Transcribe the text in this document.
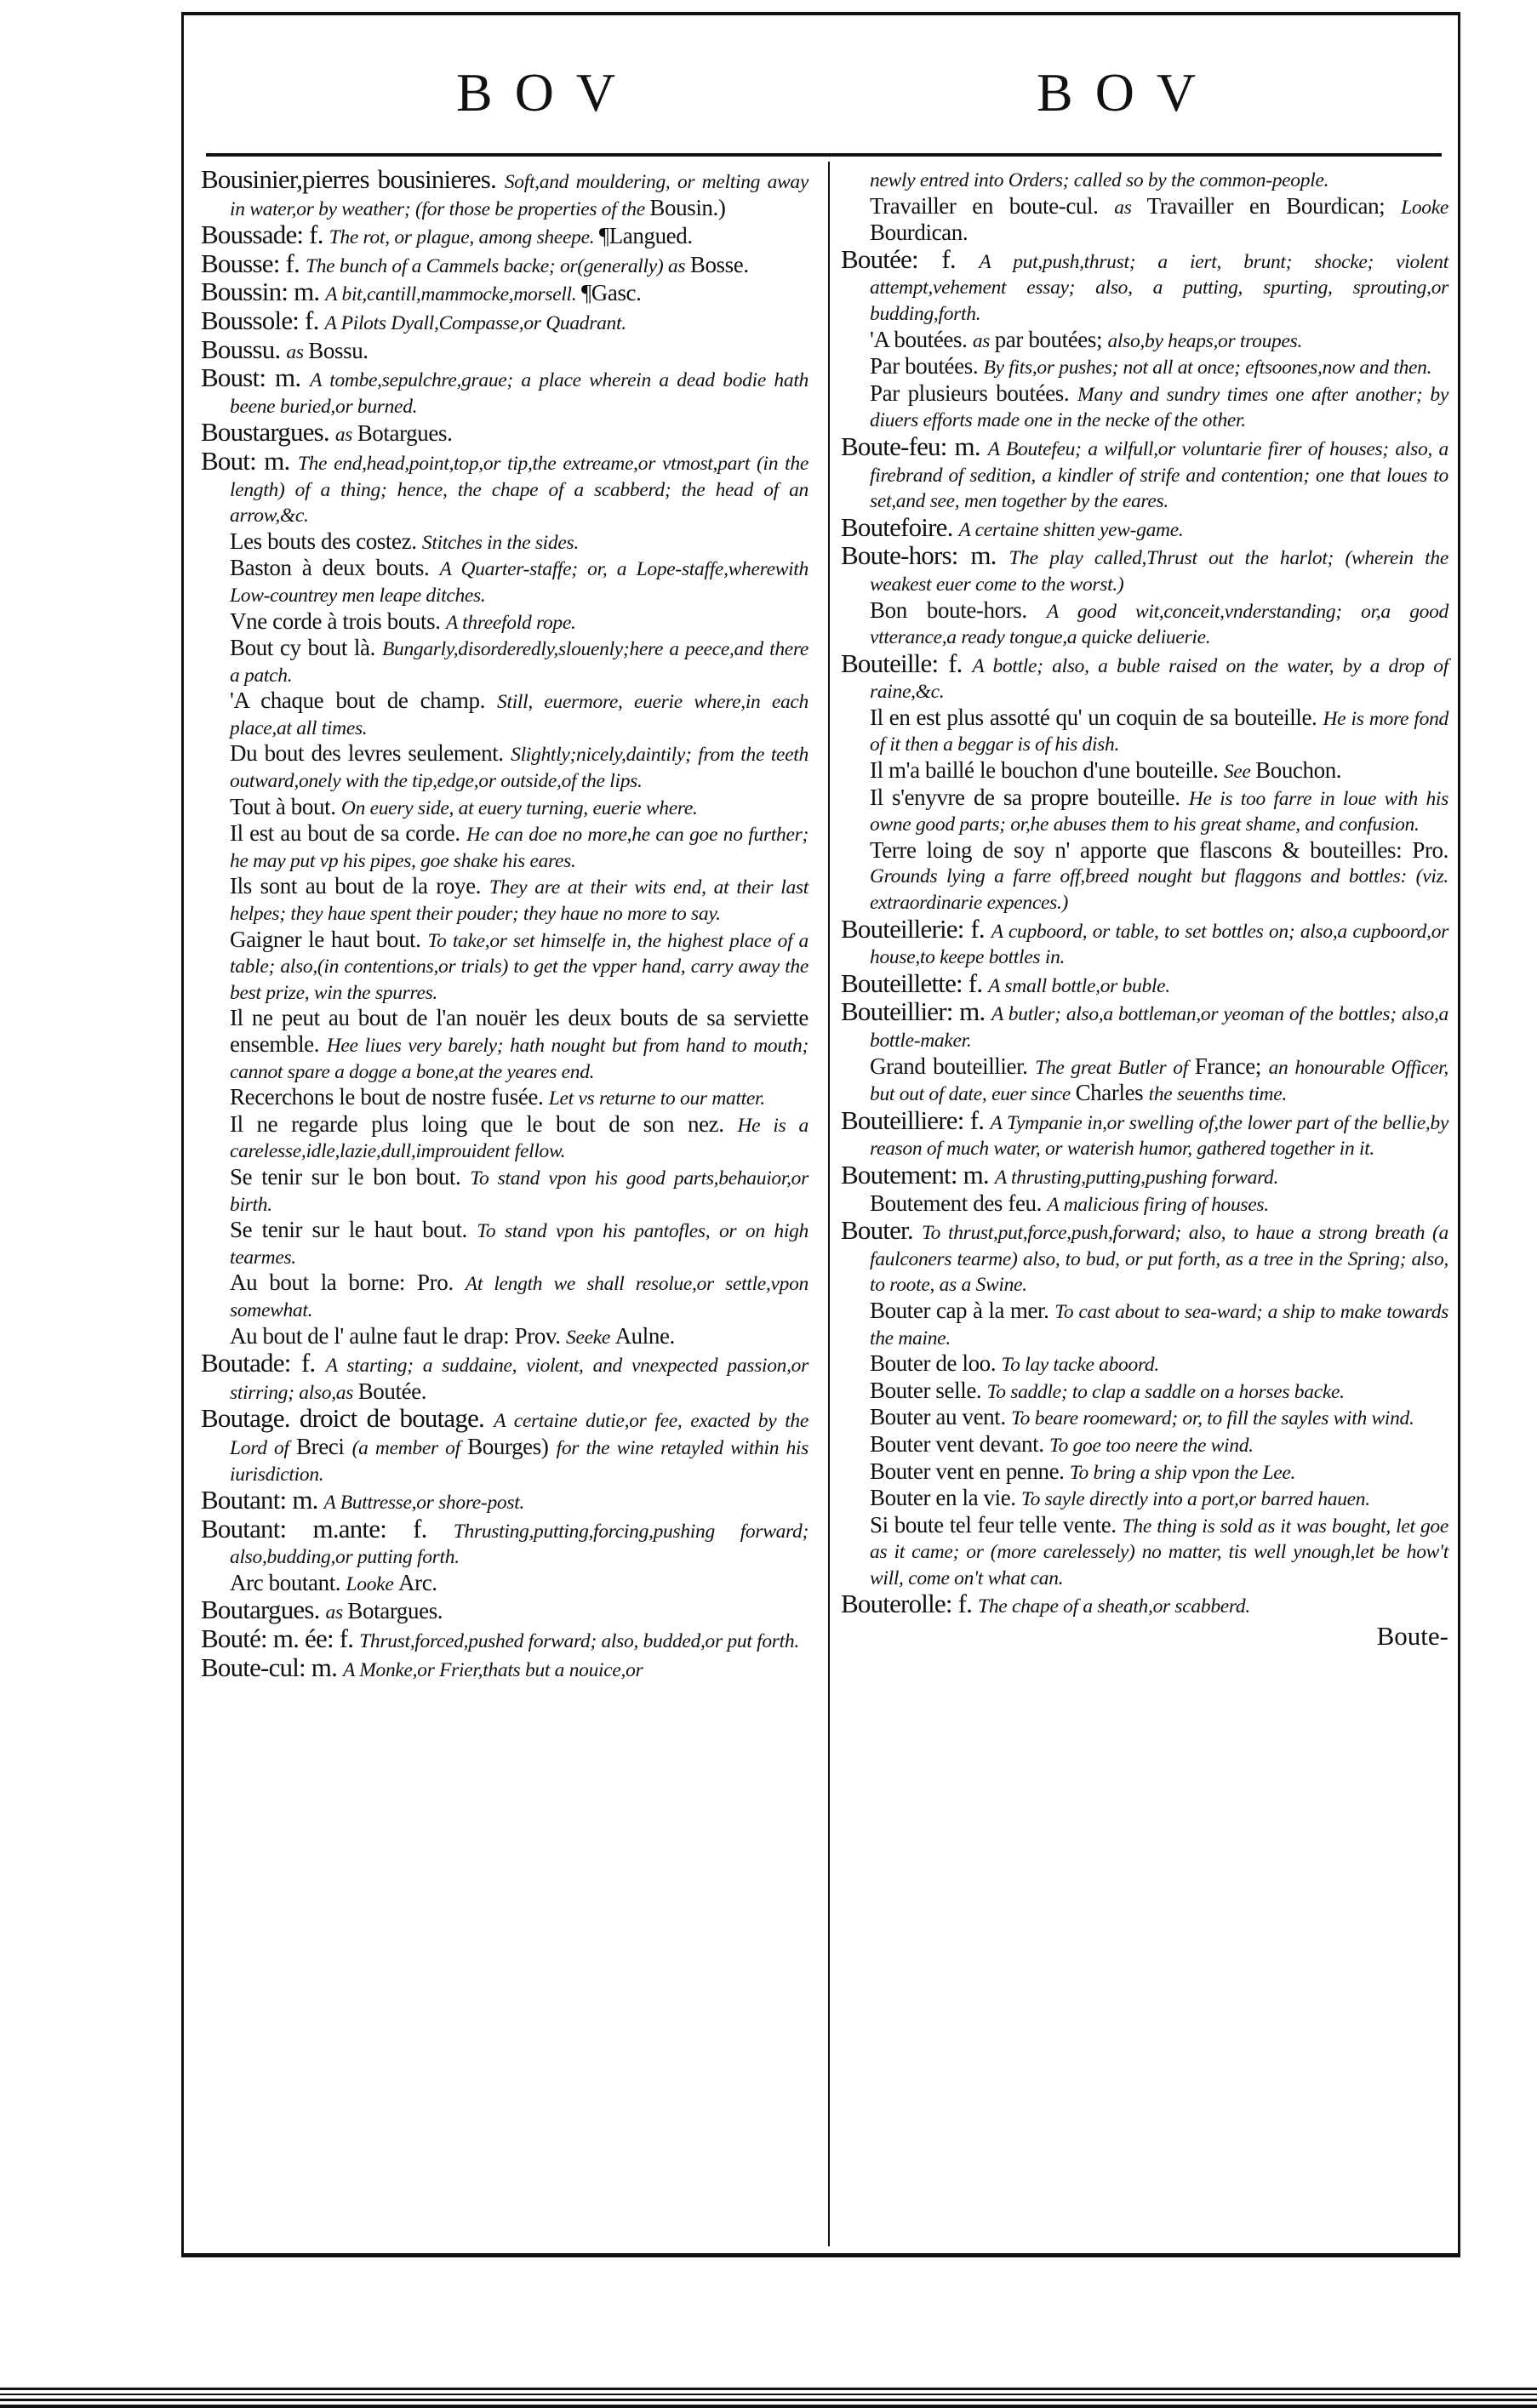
BOV	BOV

Bousinier,pierres bousinieres. Soft,and mouldering, or melting away in water,or by weather; (for those be properties of the Bousin.)

Boussade: f. The rot, or plague, among sheepe. ¶Langued.

Bousse: f. The bunch of a Cammels backe; or(generally) as Bosse.

Boussin: m. A bit,cantill,mammocke,morsell. ¶Gasc.

Boussole: f. A Pilots Dyall,Compasse,or Quadrant.

Boussu. as Bossu.

Boust: m. A tombe,sepulchre,graue; a place wherein a dead bodie hath beene buried,or burned.

Boustargues. as Botargues.

Bout: m. The end,head,point,top,or tip,the extreame,or vtmost,part (in the length) of a thing; hence, the chape of a scabberd; the head of an arrow,&c.

Les bouts des costez. Stitches in the sides.

Baston à deux bouts. A Quarter-staffe; or, a Lope-staffe,wherewith Low-countrey men leape ditches.

Vne corde à trois bouts. A threefold rope.

Bout cy bout là. Bungarly,disorderedly,slouenly;here a peece,and there a patch.

'A chaque bout de champ. Still, euermore, euerie where,in each place,at all times.

Du bout des levres seulement. Slightly;nicely,daintily; from the teeth outward,onely with the tip,edge,or outside,of the lips.

Tout à bout. On euery side, at euery turning, euerie where.

Il est au bout de sa corde. He can doe no more,he can goe no further; he may put vp his pipes, goe shake his eares.

Ils sont au bout de la roye. They are at their wits end, at their last helpes; they haue spent their pouder; they haue no more to say.

Gaigner le haut bout. To take,or set himselfe in, the highest place of a table; also,(in contentions,or trials) to get the vpper hand, carry away the best prize, win the spurres.

Il ne peut au bout de l'an nouër les deux bouts de sa serviette ensemble. Hee liues very barely; hath nought but from hand to mouth; cannot spare a dogge a bone,at the yeares end.

Recerchons le bout de nostre fusée. Let vs returne to our matter.

Il ne regarde plus loing que le bout de son nez. He is a carelesse,idle,lazie,dull,improuident fellow.

Se tenir sur le bon bout. To stand vpon his good parts,behauior,or birth.

Se tenir sur le haut bout. To stand vpon his pantofles, or on high tearmes.

Au bout la borne: Pro. At length we shall resolue,or settle,vpon somewhat.

Au bout de l' aulne faut le drap: Prov. Seeke Aulne.

Boutade: f. A starting; a suddaine, violent, and vnexpected passion,or stirring; also,as Boutée.

Boutage. droict de boutage. A certaine dutie,or fee, exacted by the Lord of Breci (a member of Bourges) for the wine retayled within his iurisdiction.

Boutant: m. A Buttresse,or shore-post.

Boutant: m.ante: f. Thrusting,putting,forcing,pushing forward; also,budding,or putting forth.

Arc boutant. Looke Arc.

Boutargues. as Botargues.

Bouté: m. ée: f. Thrust,forced,pushed forward; also, budded,or put forth.

Boute-cul: m. A Monke,or Frier,thats but a nouice,or

newly entred into Orders; called so by the common-people.

Travailler en boute-cul. as Travailler en Bourdican; Looke Bourdican.

Boutée: f. A put,push,thrust; a iert, brunt; shocke; violent attempt,vehement essay; also, a putting, spurting, sprouting,or budding,forth.

'A boutées. as par boutées; also,by heaps,or troupes.

Par boutées. By fits,or pushes; not all at once; eftsoones,now and then.

Par plusieurs boutées. Many and sundry times one after another; by diuers efforts made one in the necke of the other.

Boute-feu: m. A Boutefeu; a wilfull,or voluntarie firer of houses; also, a firebrand of sedition, a kindler of strife and contention; one that loues to set,and see, men together by the eares.

Boutefoire. A certaine shitten yew-game.

Boute-hors: m. The play called,Thrust out the harlot; (wherein the weakest euer come to the worst.)

Bon boute-hors. A good wit,conceit,vnderstanding; or,a good vtterance,a ready tongue,a quicke deliuerie.

Bouteille: f. A bottle; also, a buble raised on the water, by a drop of raine,&c.

Il en est plus assotté qu' un coquin de sa bouteille. He is more fond of it then a beggar is of his dish.

Il m'a baillé le bouchon d'une bouteille. See Bouchon.

Il s'enyvre de sa propre bouteille. He is too farre in loue with his owne good parts; or,he abuses them to his great shame, and confusion.

Terre loing de soy n' apporte que flascons & bouteilles: Pro. Grounds lying a farre off,breed nought but flaggons and bottles: (viz. extraordinarie expences.)

Bouteillerie: f. A cupboord, or table, to set bottles on; also,a cupboord,or house,to keepe bottles in.

Bouteillette: f. A small bottle,or buble.

Bouteillier: m. A butler; also,a bottleman,or yeoman of the bottles; also,a bottle-maker.

Grand bouteillier. The great Butler of France; an honourable Officer, but out of date, euer since Charles the seuenths time.

Bouteilliere: f. A Tympanie in,or swelling of,the lower part of the bellie,by reason of much water, or waterish humor, gathered together in it.

Boutement: m. A thrusting,putting,pushing forward.

Boutement des feu. A malicious firing of houses.

Bouter. To thrust,put,force,push,forward; also, to haue a strong breath (a faulconers tearme) also, to bud, or put forth, as a tree in the Spring; also, to roote, as a Swine.

Bouter cap à la mer. To cast about to sea-ward; a ship to make towards the maine.

Bouter de loo. To lay tacke aboord.

Bouter selle. To saddle; to clap a saddle on a horses backe.

Bouter au vent. To beare roomeward; or, to fill the sayles with wind.

Bouter vent devant. To goe too neere the wind.

Bouter vent en penne. To bring a ship vpon the Lee.

Bouter en la vie. To sayle directly into a port,or barred hauen.

Si boute tel feur telle vente. The thing is sold as it was bought, let goe as it came; or (more carelessely) no matter, tis well ynough,let be how't will, come on't what can.

Bouterolle: f. The chape of a sheath,or scabberd.

Boute-
